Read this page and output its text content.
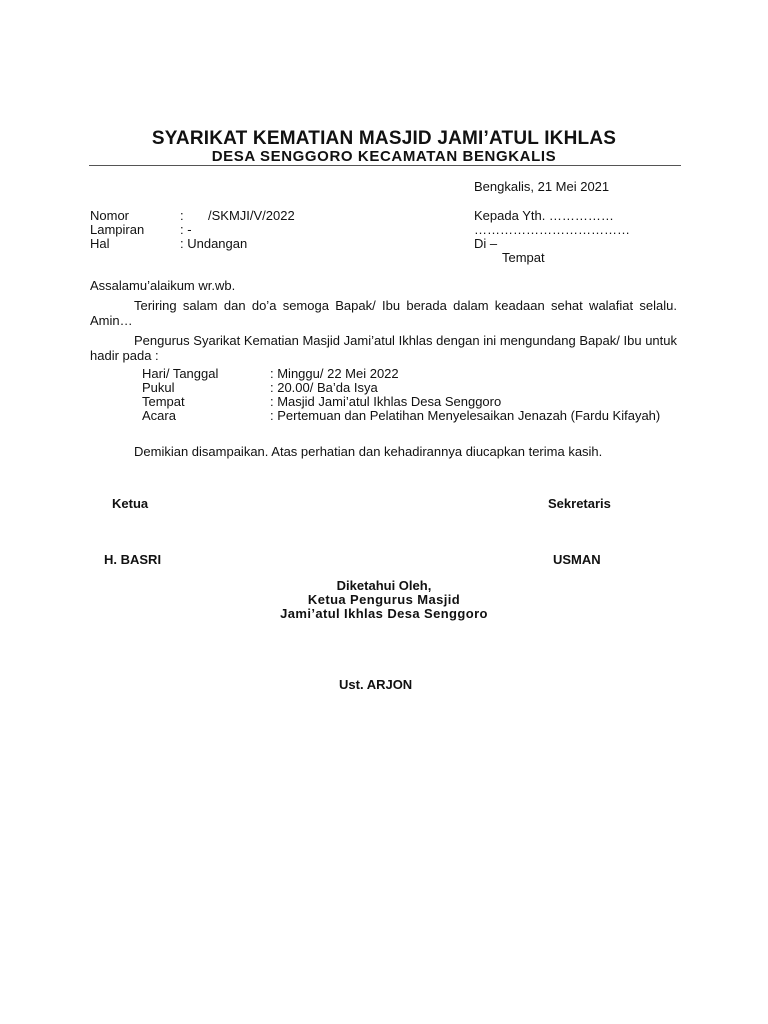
SYARIKAT KEMATIAN MASJID JAMI’ATUL IKHLAS
DESA SENGGORO KECAMATAN BENGKALIS
Bengkalis, 21 Mei 2021
Nomor	: /SKMJI/V/2022
Lampiran	: -
Hal	: Undangan
Kepada Yth. ……………
………………………………
Di –
Tempat
Assalamu’alaikum wr.wb.
Teriring salam dan do’a semoga Bapak/ Ibu berada dalam keadaan sehat walafiat selalu. Amin…
Pengurus Syarikat Kematian Masjid Jami’atul Ikhlas dengan ini mengundang Bapak/ Ibu untuk hadir pada :
Hari/ Tanggal	: Minggu/ 22 Mei 2022
Pukul	: 20.00/ Ba’da Isya
Tempat	: Masjid Jami’atul Ikhlas Desa Senggoro
Acara	: Pertemuan dan Pelatihan Menyelesaikan Jenazah (Fardu Kifayah)
Demikian disampaikan. Atas perhatian dan kehadirannya diucapkan terima kasih.
Ketua	Sekretaris
H. BASRI	USMAN
Diketahui Oleh,
Ketua Pengurus Masjid
Jami’atul Ikhlas Desa Senggoro
Ust. ARJON
